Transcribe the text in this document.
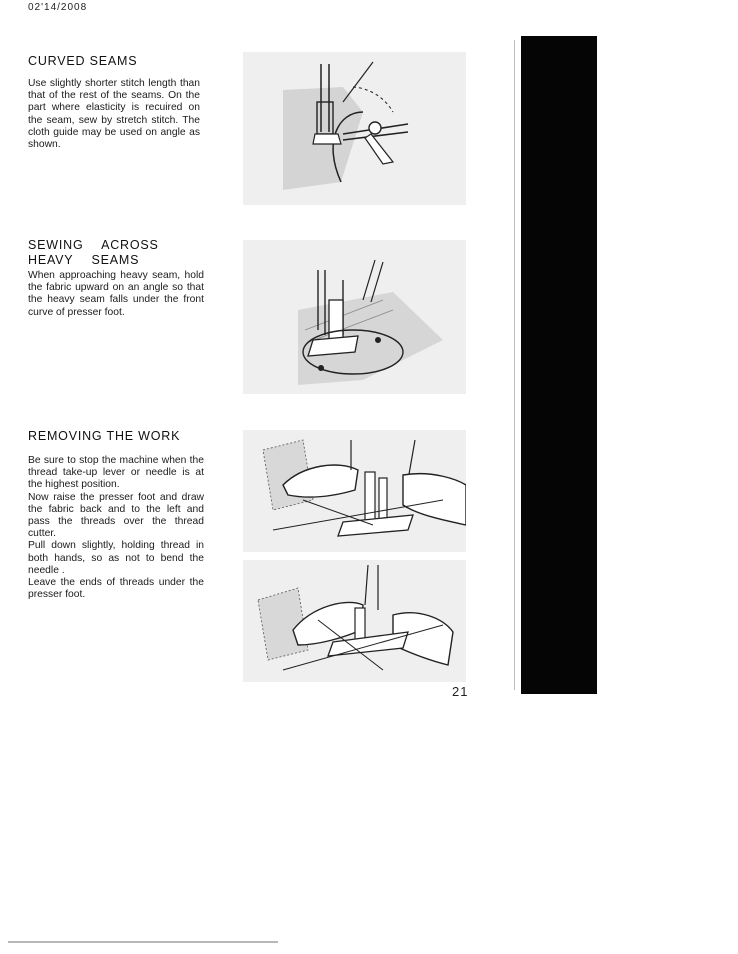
02'14/2008
CURVED SEAMS

Use slightly shorter stitch length than that of the rest of the seams. On the part where elasticity is recuired on the seam, sew by stretch stitch. The cloth guide may be used on angle as shown.

SEWING ACROSS HEAVY SEAMS

When approaching heavy seam, hold the fabric upward on an angle so that the heavy seam falls under the front curve of presser foot.

REMOVING THE WORK

Be sure to stop the machine when the thread take-up lever or needle is at the highest position.

Now raise the presser foot and draw the fabric back and to the left and pass the threads over the thread cutter.

Pull down slightly, holding thread in both hands, so as not to bend the needle .

Leave the ends of threads under the presser foot.

21
